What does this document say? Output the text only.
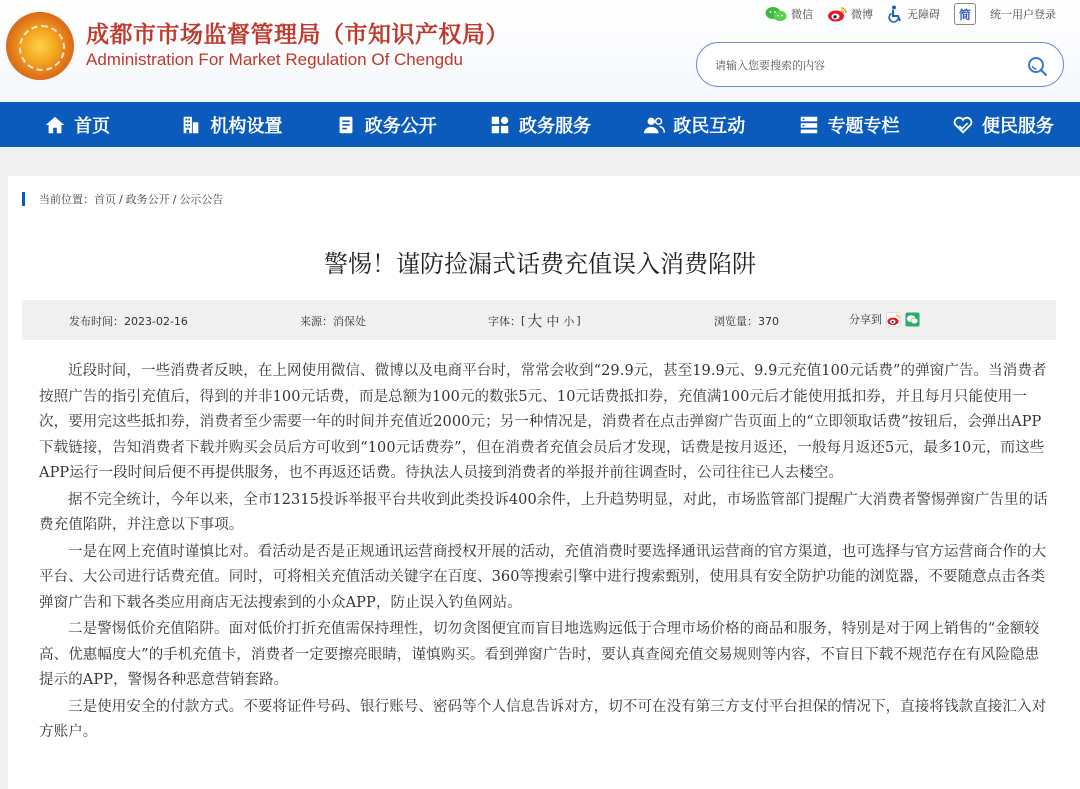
成都市市场监督管理局（市知识产权局）
Administration For Market Regulation Of Chengdu
微信	微博	无障碍	简	统一用户登录
请输入您要搜索的内容
首页	机构设置	政务公开	政务服务	政民互动	专题专栏	便民服务
当前位置： 首页 / 政务公开 / 公示公告
警惕！谨防捡漏式话费充值误入消费陷阱
发布时间：2023-02-16	来源：消保处	字体： [ 大 中 小 ]	浏览量：370	分享到

近段时间，一些消费者反映，在上网使用微信、微博以及电商平台时，常常会收到“29.9元，甚至19.9元、9.9元充值100元话费”的弹窗广告。当消费者按照广告的指引充值后，得到的并非100元话费，而是总额为100元的数张5元、10元话费抵扣券，充值满100元后才能使用抵扣券，并且每月只能使用一次，要用完这些抵扣券，消费者至少需要一年的时间并充值近2000元；另一种情况是，消费者在点击弹窗广告页面上的“立即领取话费”按钮后，会弹出APP下载链接，告知消费者下载并购买会员后方可收到“100元话费券”，但在消费者充值会员后才发现，话费是按月返还，一般每月返还5元，最多10元，而这些APP运行一段时间后便不再提供服务，也不再返还话费。待执法人员接到消费者的举报并前往调查时，公司往往已人去楼空。

据不完全统计，今年以来，全市12315投诉举报平台共收到此类投诉400余件，上升趋势明显，对此，市场监管部门提醒广大消费者警惕弹窗广告里的话费充值陷阱，并注意以下事项。

一是在网上充值时谨慎比对。看活动是否是正规通讯运营商授权开展的活动，充值消费时要选择通讯运营商的官方渠道，也可选择与官方运营商合作的大平台、大公司进行话费充值。同时，可将相关充值活动关键字在百度、360等搜索引擎中进行搜索甄别，使用具有安全防护功能的浏览器，不要随意点击各类弹窗广告和下载各类应用商店无法搜索到的小众APP，防止误入钓鱼网站。

二是警惕低价充值陷阱。面对低价打折充值需保持理性，切勿贪图便宜而盲目地选购远低于合理市场价格的商品和服务，特别是对于网上销售的“金额较高、优惠幅度大”的手机充值卡，消费者一定要擦亮眼睛，谨慎购买。看到弹窗广告时，要认真查阅充值交易规则等内容，不盲目下载不规范存在有风险隐患提示的APP，警惕各种恶意营销套路。

三是使用安全的付款方式。不要将证件号码、银行账号、密码等个人信息告诉对方，切不可在没有第三方支付平台担保的情况下，直接将钱款直接汇入对方账户。
